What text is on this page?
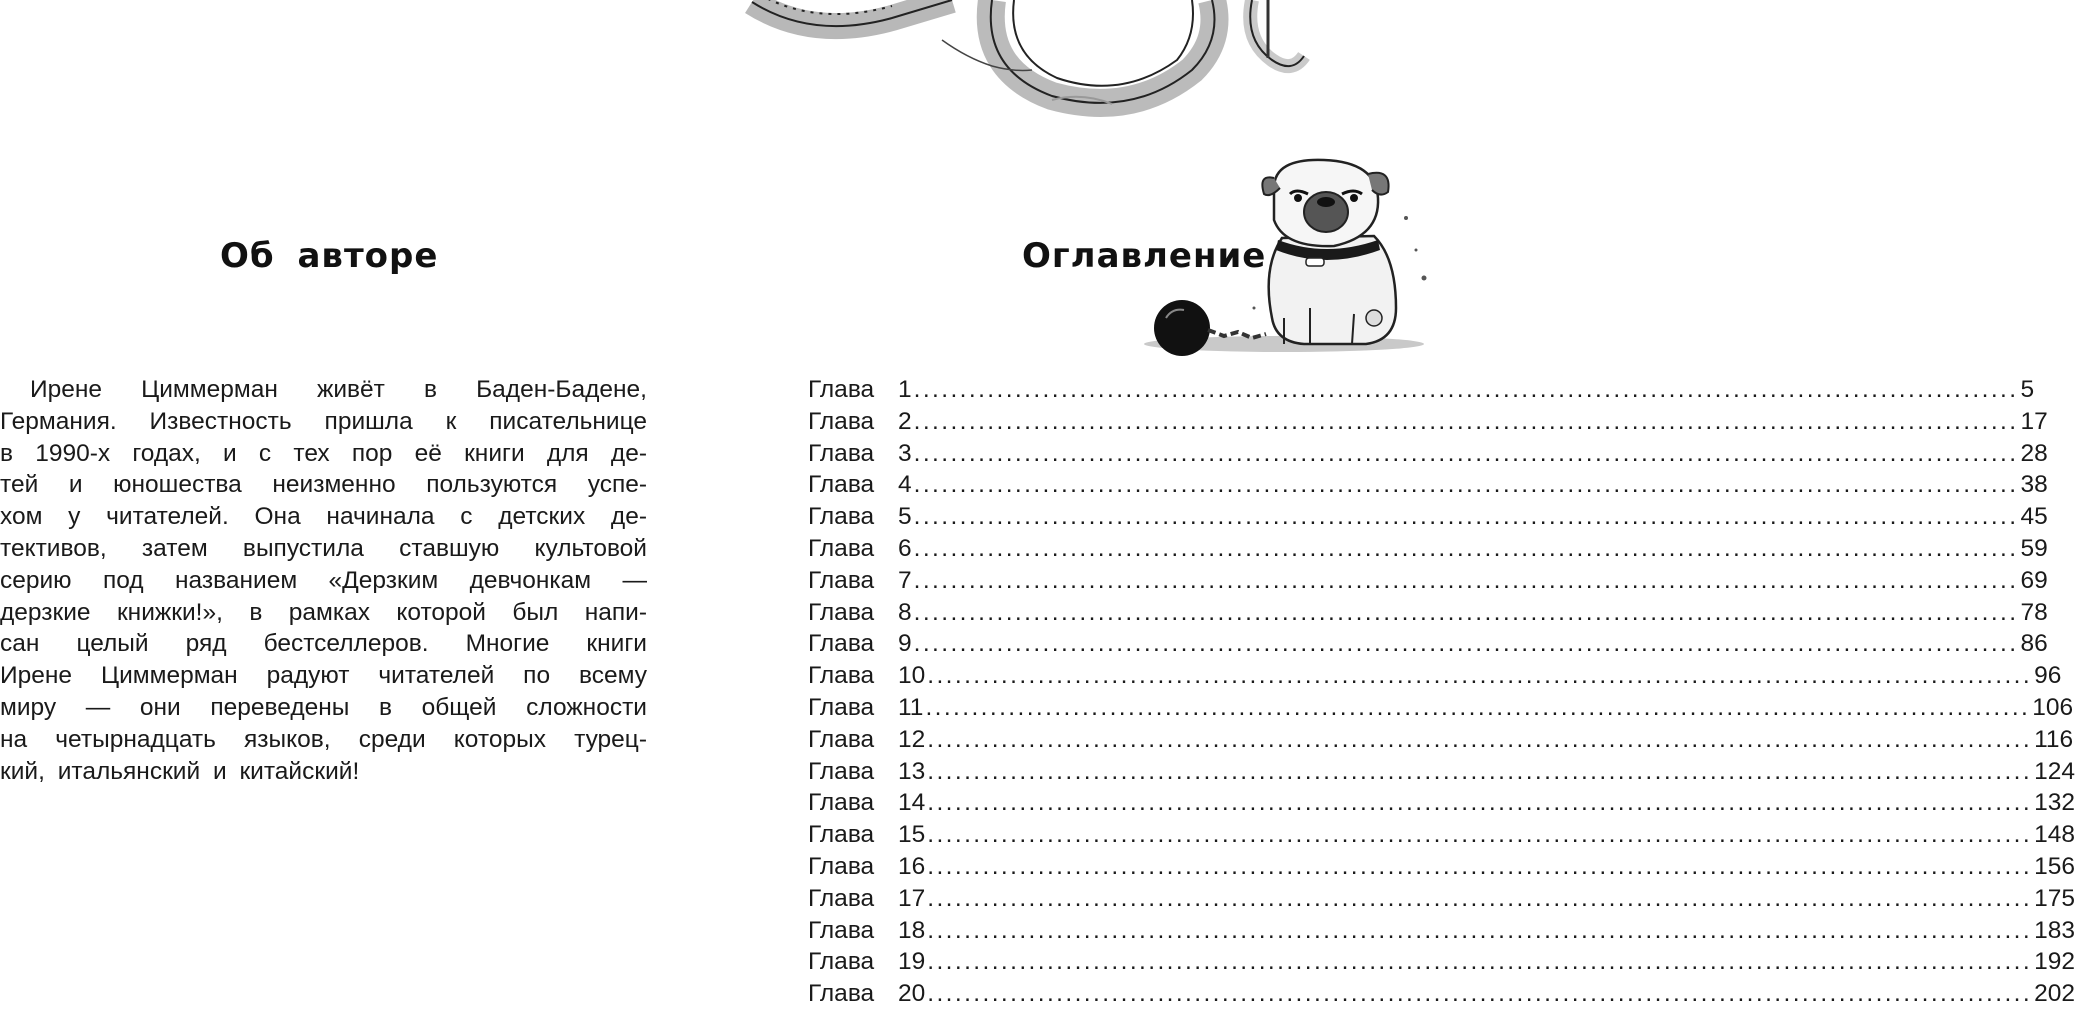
Об авторе
Ирене Циммерман живёт в Баден-Бадене,
Германия. Известность пришла к писательнице
в 1990-х годах, и с тех пор её книги для де-
тей и юношества неизменно пользуются успе-
хом у читателей. Она начинала с детских де-
тективов, затем выпустила ставшую культовой
серию под названием «Дерзким девчонкам —
дерзкие книжки!», в рамках которой был напи-
сан целый ряд бестселлеров. Многие книги
Ирене Циммерман радуют читателей по всему
миру — они переведены в общей сложности
на четырнадцать языков, среди которых турец-
кий, итальянский и китайский!
Оглавление
Глава 1 ........................................................................................................................ 5
Глава 2 ........................................................................................................................ 17
Глава 3 ........................................................................................................................ 28
Глава 4 ........................................................................................................................ 38
Глава 5 ........................................................................................................................ 45
Глава 6 ........................................................................................................................ 59
Глава 7 ........................................................................................................................ 69
Глава 8 ........................................................................................................................ 78
Глава 9 ........................................................................................................................ 86
Глава 10 ........................................................................................................................ 96
Глава 11 ........................................................................................................................ 106
Глава 12 ........................................................................................................................ 116
Глава 13 ........................................................................................................................ 124
Глава 14 ........................................................................................................................ 132
Глава 15 ........................................................................................................................ 148
Глава 16 ........................................................................................................................ 156
Глава 17 ........................................................................................................................ 175
Глава 18 ........................................................................................................................ 183
Глава 19 ........................................................................................................................ 192
Глава 20 ........................................................................................................................ 202
